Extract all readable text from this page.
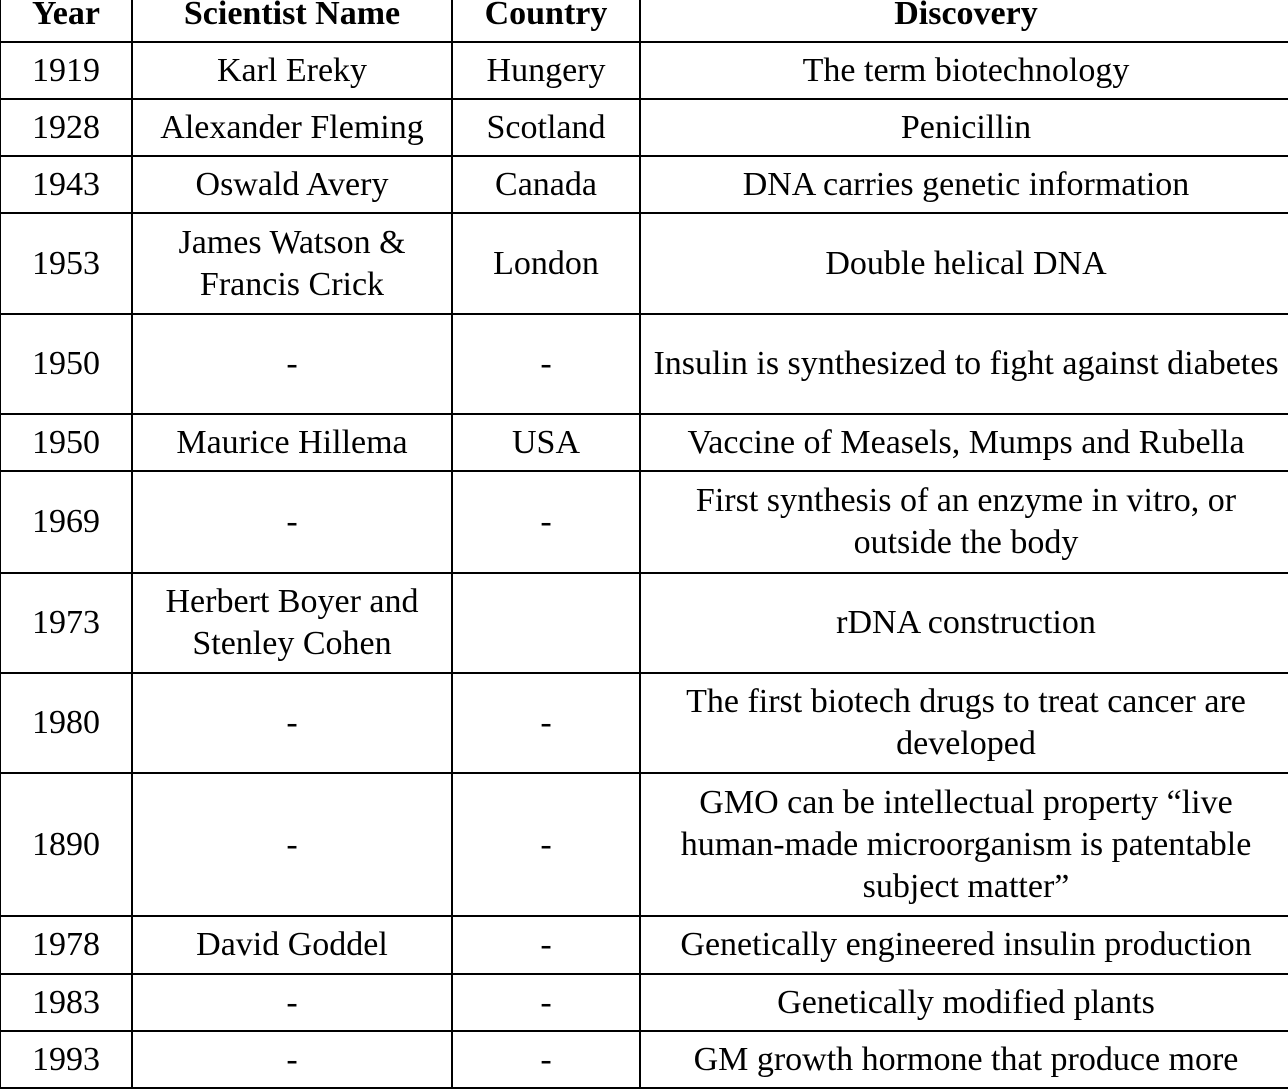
Year	Scientist Name	Country	Discovery
1919	Karl Ereky	Hungery	The term biotechnology
1928	Alexander Fleming	Scotland	Penicillin
1943	Oswald Avery	Canada	DNA carries genetic information
1953	James Watson & Francis Crick	London	Double helical DNA
1950	-	-	Insulin is synthesized to fight against diabetes
1950	Maurice Hillema	USA	Vaccine of Measels, Mumps and Rubella
1969	-	-	First synthesis of an enzyme in vitro, or outside the body
1973	Herbert Boyer and Stenley Cohen		rDNA construction
1980	-	-	The first biotech drugs to treat cancer are developed
1890	-	-	GMO can be intellectual property “live human-made microorganism is patentable subject matter”
1978	David Goddel	-	Genetically engineered insulin production
1983	-	-	Genetically modified plants
1993	-	-	GM growth hormone that produce more
